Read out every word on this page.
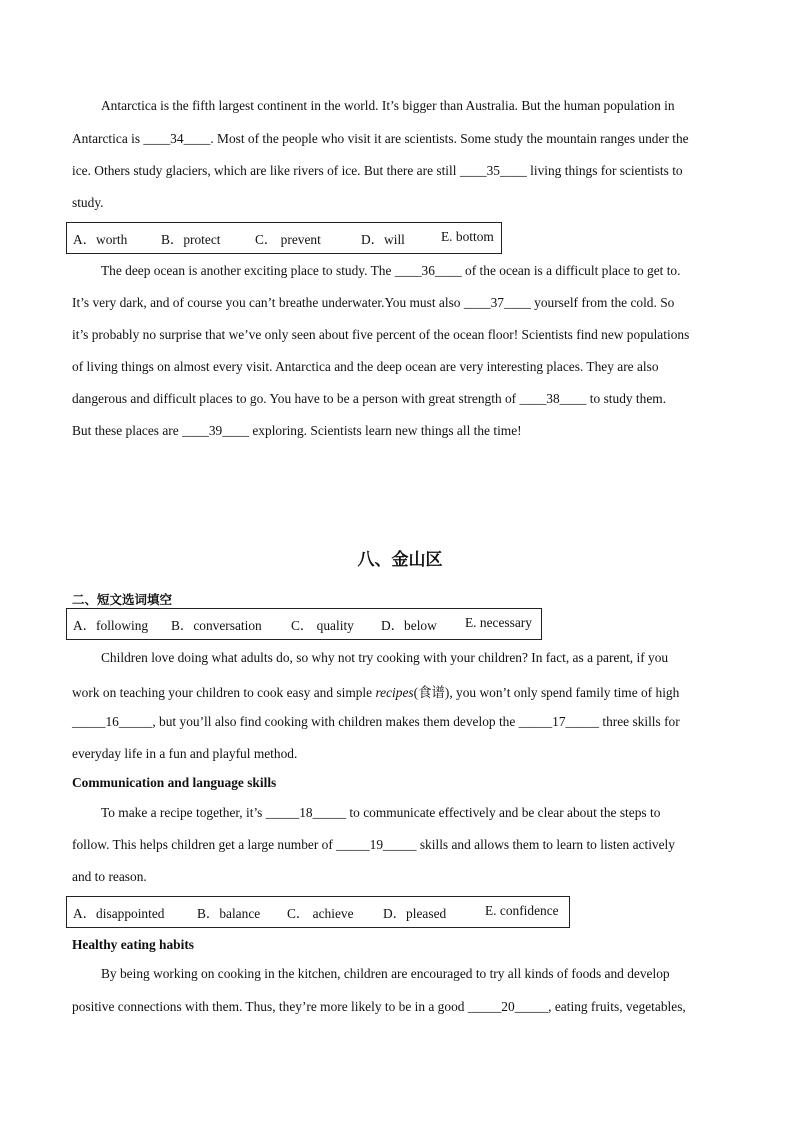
Antarctica is the fifth largest continent in the world. It’s bigger than Australia. But the human population in
Antarctica is ____34____. Most of the people who visit it are scientists. Some study the mountain ranges under the
ice. Others study glaciers, which are like rivers of ice. But there are still ____35____ living things for scientists to
study.
A．worth	B．protect	C． prevent	D．will	E. bottom
The deep ocean is another exciting place to study. The ____36____ of the ocean is a difficult place to get to.
It’s very dark, and of course you can’t breathe underwater.You must also ____37____ yourself from the cold. So
it’s probably no surprise that we’ve only seen about five percent of the ocean floor! Scientists find new populations
of living things on almost every visit. Antarctica and the deep ocean are very interesting places. They are also
dangerous and difficult places to go. You have to be a person with great strength of ____38____ to study them.
But these places are ____39____ exploring. Scientists learn new things all the time!
八、金山区
二、短文选词填空
A．following B．conversation C． quality D．below E. necessary
Children love doing what adults do, so why not try cooking with your children? In fact, as a parent, if you
work on teaching your children to cook easy and simple recipes(食谱), you won’t only spend family time of high
_____16_____, but you’ll also find cooking with children makes them develop the _____17_____ three skills for
everyday life in a fun and playful method.
Communication and language skills
To make a recipe together, it’s _____18_____ to communicate effectively and be clear about the steps to
follow. This helps children get a large number of _____19_____ skills and allows them to learn to listen actively
and to reason.
A．disappointed B．balance C． achieve D．pleased	E. confidence
Healthy eating habits
By being working on cooking in the kitchen, children are encouraged to try all kinds of foods and develop
positive connections with them. Thus, they’re more likely to be in a good _____20_____, eating fruits, vegetables,
